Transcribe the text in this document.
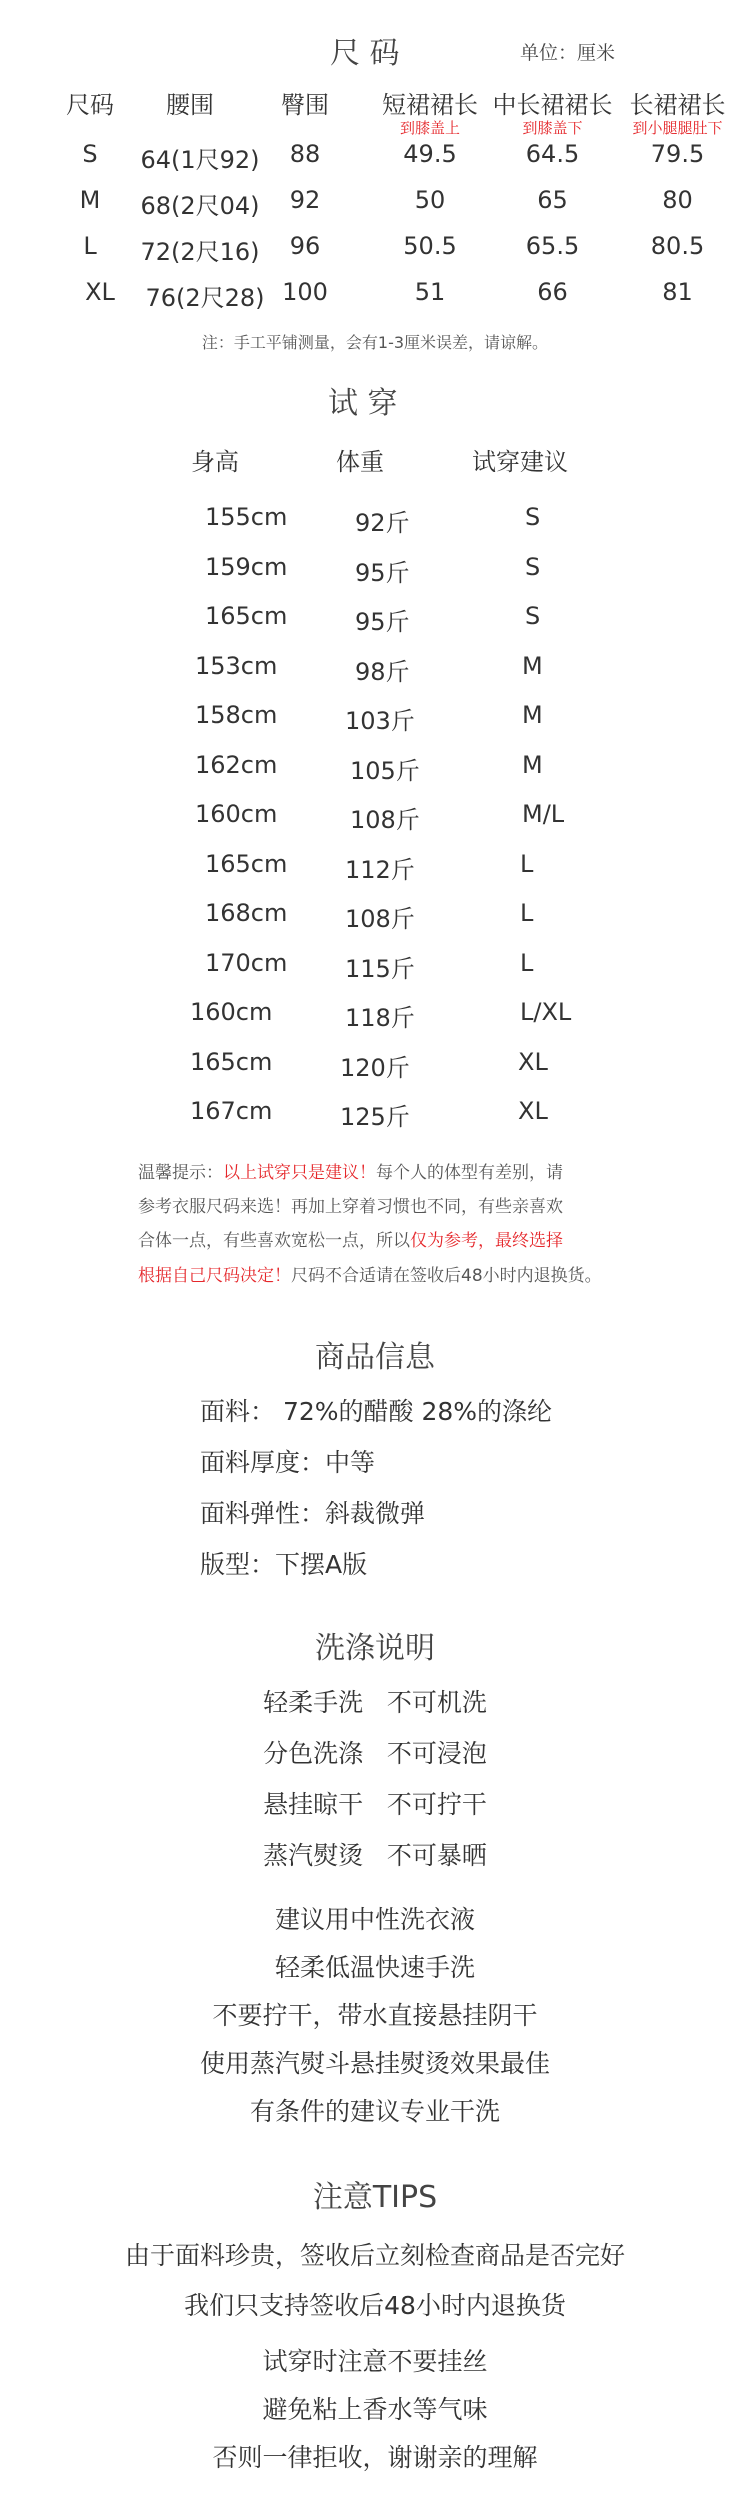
尺 码	单位：厘米
尺码	腰围	臀围	短裙裙长 中长裙裙长 长裙裙长
到膝盖上	到膝盖下	到小腿腿肚下
S	64(1尺92)	88	49.5	64.5	79.5
M	68(2尺04)	92	50	65	80
L	72(2尺16)	96	50.5	65.5	80.5
XL	76(2尺28) 100	51	66	81
注：手工平铺测量，会有1-3厘米误差，请谅解。
试 穿
身高	体重	试穿建议
155cm	92斤	S
159cm	95斤	S
165cm	95斤	S
153cm	98斤	M
158cm	103斤	M
162cm	105斤	M
160cm	108斤	M/L
165cm 112斤	L
168cm 108斤	L
170cm 115斤	L
160cm	118斤	L/XL
165cm	120斤	XL
167cm	125斤	XL
温馨提示：以上试穿只是建议！每个人的体型有差别，请
参考衣服尺码来选！再加上穿着习惯也不同，有些亲喜欢
合体一点，有些喜欢宽松一点，所以仅为参考，最终选择
根据自己尺码决定！尺码不合适请在签收后48小时内退换货。
商品信息
面料： 72%的醋酸 28%的涤纶
面料厚度：中等
面料弹性：斜裁微弹
版型：下摆A版
洗涤说明
轻柔手洗   不可机洗
分色洗涤   不可浸泡
悬挂晾干   不可拧干
蒸汽熨烫   不可暴晒
建议用中性洗衣液
轻柔低温快速手洗
不要拧干，带水直接悬挂阴干
使用蒸汽熨斗悬挂熨烫效果最佳
有条件的建议专业干洗
注意TIPS
由于面料珍贵，签收后立刻检查商品是否完好
我们只支持签收后48小时内退换货
试穿时注意不要挂丝
避免粘上香水等气味
否则一律拒收，谢谢亲的理解
